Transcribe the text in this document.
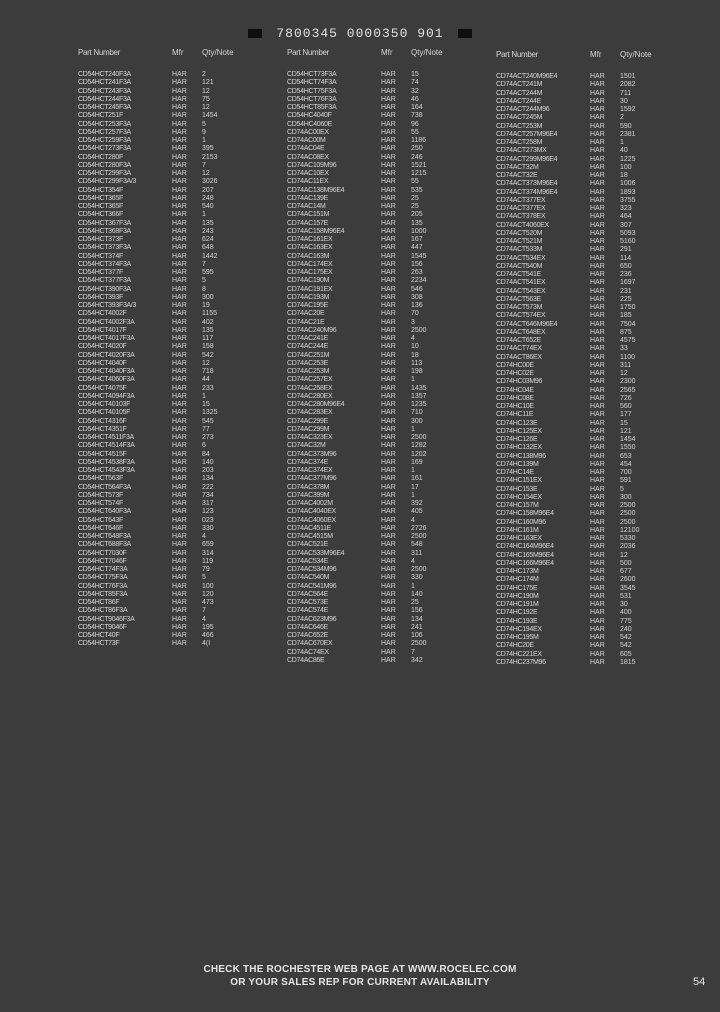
7800345 0000350 901
Part Number	Mfr	Qty/Note
CD54HCT240F3A	HAR	2
CD54HCT241F3A	HAR	121
CD54HCT243F3A	HAR	12
CD54HCT244F3A	HAR	75
CD54HCT245F3A	HAR	12
CD54HCT251F	HAR	1454
CD54HCT253F3A	HAR	5
CD54HCT257F3A	HAR	9
CD54HCT259F3A	HAR	1
CD54HCT273F3A	HAR	395
CD54HCT280F	HAR	2153
CD54HCT280F3A	HAR	7
CD54HCT299F3A	HAR	12
CD54HCT299F3A/3	HAR	3026
CD54HCT354F	HAR	207
CD54HCT365F	HAR	248
CD54HCT365F	HAR	540
CD54HCT366F	HAR	1
CD54HCT367F3A	HAR	135
CD54HCT368F3A	HAR	243
CD54HCT373F	HAR	624
CD54HCT373F3A	HAR	648
CD54HCT374F	HAR	1442
CD54HCT374F3A	HAR	7
CD54HCT377F	HAR	595
CD54HCT377F3A	HAR	5
CD54HCT390F3A	HAR	8
CD54HCT393F	HAR	300
CD54HCT393F3A/3	HAR	19
CD54HCT4002F	HAR	1155
CD54HCT4002F3A	HAR	402
CD54HCT4017F	HAR	135
CD54HCT4017F3A	HAR	117
CD54HCT4020F	HAR	158
CD54HCT4020F3A	HAR	542
CD54HCT4040F	HAR	12
CD54HCT4040F3A	HAR	718
CD54HCT4060F3A	HAR	44
CD54HCT4075F	HAR	233
CD54HCT4094F3A	HAR	1
CD54HCT40103F	HAR	15
CD54HCT40105F	HAR	1325
CD54HCT4316F	HAR	545
CD54HCT4351F	HAR	77
CD54HCT4511F3A	HAR	273
CD54HCT4514F3A	HAR	6
CD54HCT4515F	HAR	84
CD54HCT4538F3A	HAR	140
CD54HCT4543F3A	HAR	203
CD54HCT563F	HAR	134
CD54HCT564F3A	HAR	222
CD54HCT573F	HAR	734
CD54HCT574F	HAR	317
CD54HCT640F3A	HAR	123
CD54HCT643F	HAR	023
CD54HCT646F	HAR	330
CD54HCT648F3A	HAR	4
CD54HCT688F3A	HAR	659
CD54HCT7030F	HAR	314
CD54HCT7046F	HAR	119
CD54HCT74F3A	HAR	79
CD54HCT75F3A	HAR	5
CD54HCT76F3A	HAR	100
CD54HCT85F3A	HAR	120
CD54HCT86F	HAR	473
CD54HCT86F3A	HAR	7
CD54HCT9046F3A	HAR	4
CD54HCT9046F	HAR	195
CD54HCT40F	HAR	466
CD54HCT73F	HAR	4(I
Part Number	Mfr	Qty/Note
CD54HCT73F3A	HAR	15
CD54HCT74F3A	HAR	74
CD54HCT75F3A	HAR	32
CD54HCT76F3A	HAR	46
CD54HCT85F3A	HAR	164
CD54HC4040F	HAR	738
CD54HC4060E	HAR	96
CD74AC00EX	HAR	55
CD74AC00M	HAR	1186
CD74AC04E	HAR	250
CD74AC08EX	HAR	246
CD74AC109M96	HAR	1521
CD74AC10EX	HAR	1215
CD74AC11EX	HAR	55
CD74AC138M96E4	HAR	535
CD74AC139E	HAR	25
CD74AC14M	HAR	25
CD74AC151M	HAR	205
CD74AC157E	HAR	135
CD74AC158M96E4	HAR	1000
CD74AC161EX	HAR	167
CD74AC163EX	HAR	447
CD74AC163M	HAR	1545
CD74AC174EX	HAR	156
CD74AC175EX	HAR	263
CD74AC190M	HAR	2234
CD74AC191EX	HAR	546
CD74AC193M	HAR	308
CD74AC195E	HAR	136
CD74AC20E	HAR	70
CD74AC21E	HAR	3
CD74AC240M96	HAR	2500
CD74AC241E	HAR	4
CD74AC244E	HAR	10
CD74AC251M	HAR	18
CD74AC253E	HAR	113
CD74AC253M	HAR	198
CD74AC257EX	HAR	1
CD74AC258EX	HAR	1435
CD74AC280EX	HAR	1357
CD74AC280M96E4	HAR	1235
CD74AC283EX	HAR	710
CD74AC299E	HAR	300
CD74AC299M	HAR	1
CD74AC323EX	HAR	2500
CD74AC32M	HAR	1282
CD74AC373M96	HAR	1202
CD74AC374E	HAR	169
CD74AC374EX	HAR	1
CD74AC377M96	HAR	161
CD74AC378M	HAR	17
CD74AC399M	HAR	1
CD74AC4002M	HAR	392
CD74AC4040EX	HAR	405
CD74AC4060EX	HAR	4
CD74AC4511E	HAR	2726
CD74AC4515M	HAR	2500
CD74AC521E	HAR	548
CD74AC533M96E4	HAR	311
CD74AC534E	HAR	4
CD74AC534M96	HAR	2500
CD74AC540M	HAR	330
CD74AC541M96	HAR	1
CD74AC564E	HAR	140
CD74AC573E	HAR	25
CD74AC574E	HAR	156
CD74AC623M96	HAR	134
CD74AC646E	HAR	241
CD74AC652E	HAR	106
CD74AC670EX	HAR	2500
CD74AC74EX	HAR	7
CD74AC86E	HAR	342
Part Number	Mfr	Qty/Note
CD74ACT240M96E4	HAR	1501
CD74ACT241M	HAR	2082
CD74ACT244M	HAR	711
CD74ACT244E	HAR	30
CD74ACT244M96	HAR	1592
CD74ACT245M	HAR	2
CD74ACT253M	HAR	590
CD74ACT257M96E4	HAR	2381
CD74ACT258M	HAR	1
CD74ACT273MX	HAR	40
CD74ACT299M96E4	HAR	1225
CD74ACT32M	HAR	100
CD74ACT32E	HAR	18
CD74ACT373M96E4	HAR	1006
CD74ACT374M96E4	HAR	1893
CD74ACT377EX	HAR	3755
CD74ACT377EX	HAR	323
CD74ACT378EX	HAR	464
CD74ACT4060EX	HAR	307
CD74ACT520M	HAR	5093
CD74ACT521M	HAR	5160
CD74ACT533M	HAR	291
CD74ACT534EX	HAR	114
CD74ACT540M	HAR	650
CD74ACT541E	HAR	236
CD74ACT541EX	HAR	1697
CD74ACT543EX	HAR	231
CD74ACT563E	HAR	225
CD74ACT573M	HAR	1750
CD74ACT574EX	HAR	185
CD74ACT646M96E4	HAR	7504
CD74ACT648EX	HAR	875
CD74ACT652E	HAR	4575
CD74ACT74EX	HAR	33
CD74ACT86EX	HAR	1100
CD74HC00E	HAR	311
CD74HC02E	HAR	12
CD74HC03M96	HAR	2300
CD74HC04E	HAR	2565
CD74HC08E	HAR	726
CD74HC10E	HAR	560
CD74HC11E	HAR	177
CD74HC123E	HAR	15
CD74HC125EX	HAR	121
CD74HC126E	HAR	1454
CD74HC132EX	HAR	1550
CD74HC138M96	HAR	653
CD74HC139M	HAR	454
CD74HC14E	HAR	700
CD74HC151EX	HAR	591
CD74HC153E	HAR	5
CD74HC154EX	HAR	300
CD74HC157M	HAR	2500
CD74HC158M96E4	HAR	2500
CD74HC160M96	HAR	2500
CD74HC161M	HAR	12100
CD74HC163EX	HAR	5330
CD74HC164M96E4	HAR	2036
CD74HC165M96E4	HAR	12
CD74HC166M96E4	HAR	500
CD74HC173M	HAR	677
CD74HC174M	HAR	2600
CD74HC175E	HAR	3545
CD74HC190M	HAR	531
CD74HC191M	HAR	30
CD74HC192E	HAR	400
CD74HC193E	HAR	775
CD74HC194EX	HAR	240
CD74HC195M	HAR	542
CD74HC20E	HAR	542
CD74HC221EX	HAR	605
CD74HC237M96	HAR	1815
CHECK THE ROCHESTER WEB PAGE AT WWW.ROCELEC.COM
OR YOUR SALES REP FOR CURRENT AVAILABILITY	54
